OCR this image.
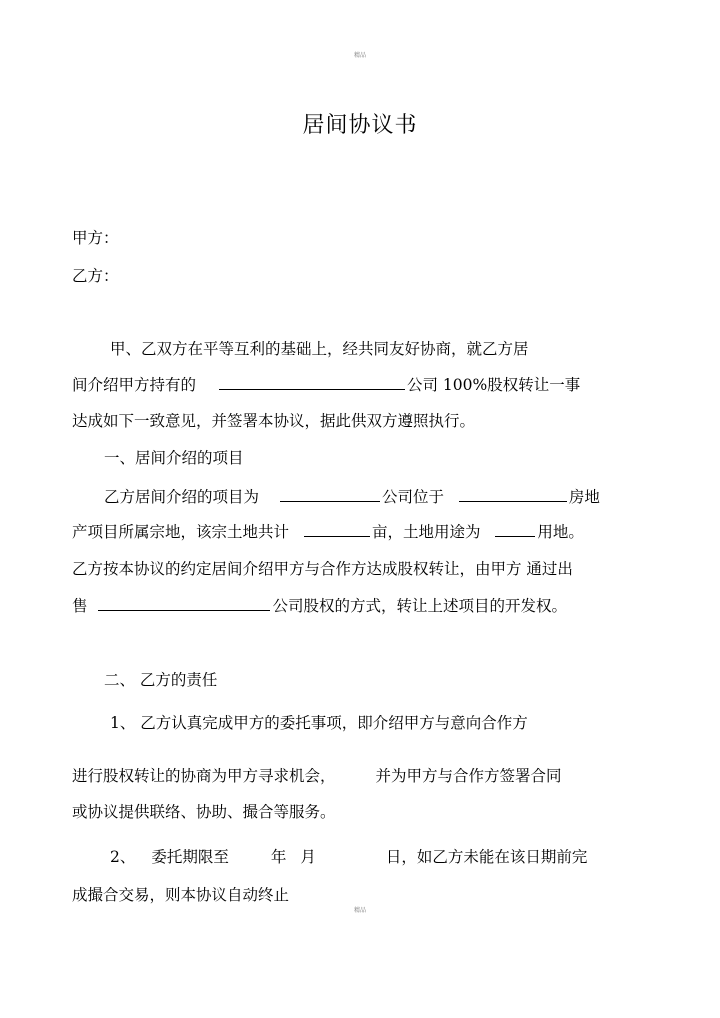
精品
居间协议书
甲方：
乙方：
甲、乙双方在平等互利的基础上，经共同友好协商，就乙方居
间介绍甲方持有的	公司 100%股权转让一事
达成如下一致意见，并签署本协议，据此供双方遵照执行。
一、居间介绍的项目
乙方居间介绍的项目为	公司位于	房地
产项目所属宗地，该宗土地共计	亩，土地用途为	用地。
乙方按本协议的约定居间介绍甲方与合作方达成股权转让，由甲方 通过出
售	公司股权的方式，转让上述项目的开发权。
二、 乙方的责任
1、 乙方认真完成甲方的委托事项，即介绍甲方与意向合作方
进行股权转让的协商为甲方寻求机会，	并为甲方与合作方签署合同
或协议提供联络、协助、撮合等服务。
2、 委托期限至	年 月	日，如乙方未能在该日期前完
成撮合交易，则本协议自动终止
精品
